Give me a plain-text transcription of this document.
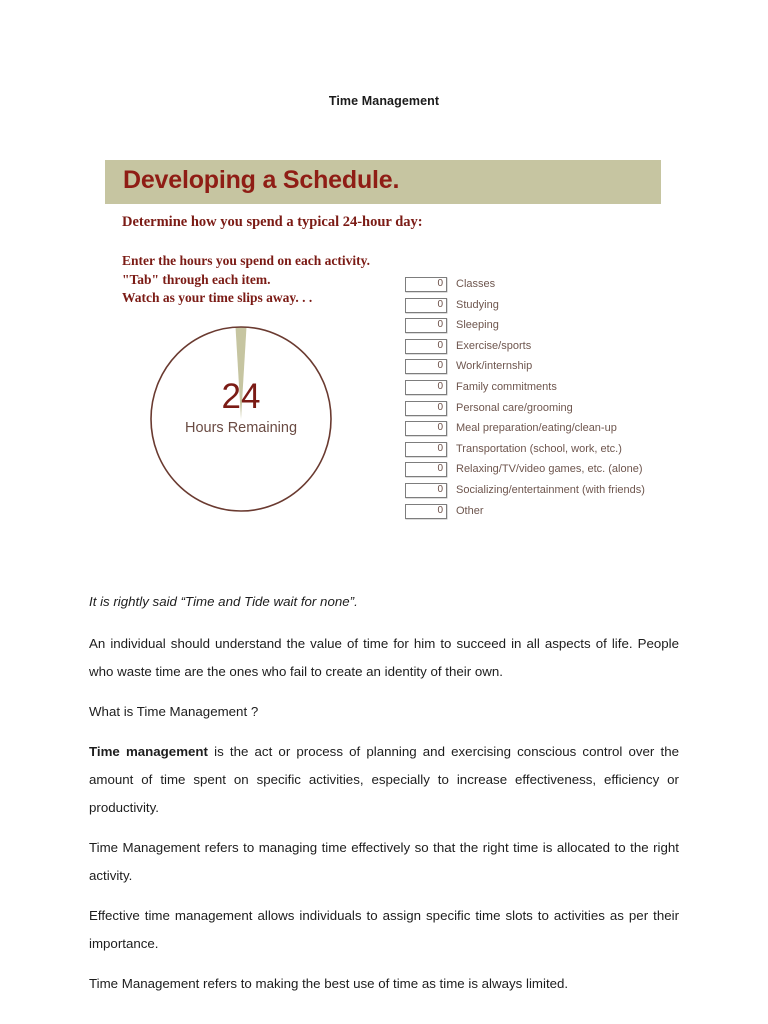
Time Management
Developing a Schedule.
Determine how you spend a typical 24-hour day:
Enter the hours you spend on each activity.
"Tab" through each item.
Watch as your time slips away. . .
24
Hours Remaining
0 Classes
0 Studying
0 Sleeping
0 Exercise/sports
0 Work/internship
0 Family commitments
0 Personal care/grooming
0 Meal preparation/eating/clean-up
0 Transportation (school, work, etc.)
0 Relaxing/TV/video games, etc. (alone)
0 Socializing/entertainment (with friends)
0 Other

It is rightly said “Time and Tide wait for none”.

An individual should understand the value of time for him to succeed in all aspects of life. People who waste time are the ones who fail to create an identity of their own.

What is Time Management ?

Time management is the act or process of planning and exercising conscious control over the amount of time spent on specific activities, especially to increase effectiveness, efficiency or productivity.

Time Management refers to managing time effectively so that the right time is allocated to the right activity.

Effective time management allows individuals to assign specific time slots to activities as per their importance.

Time Management refers to making the best use of time as time is always limited.
